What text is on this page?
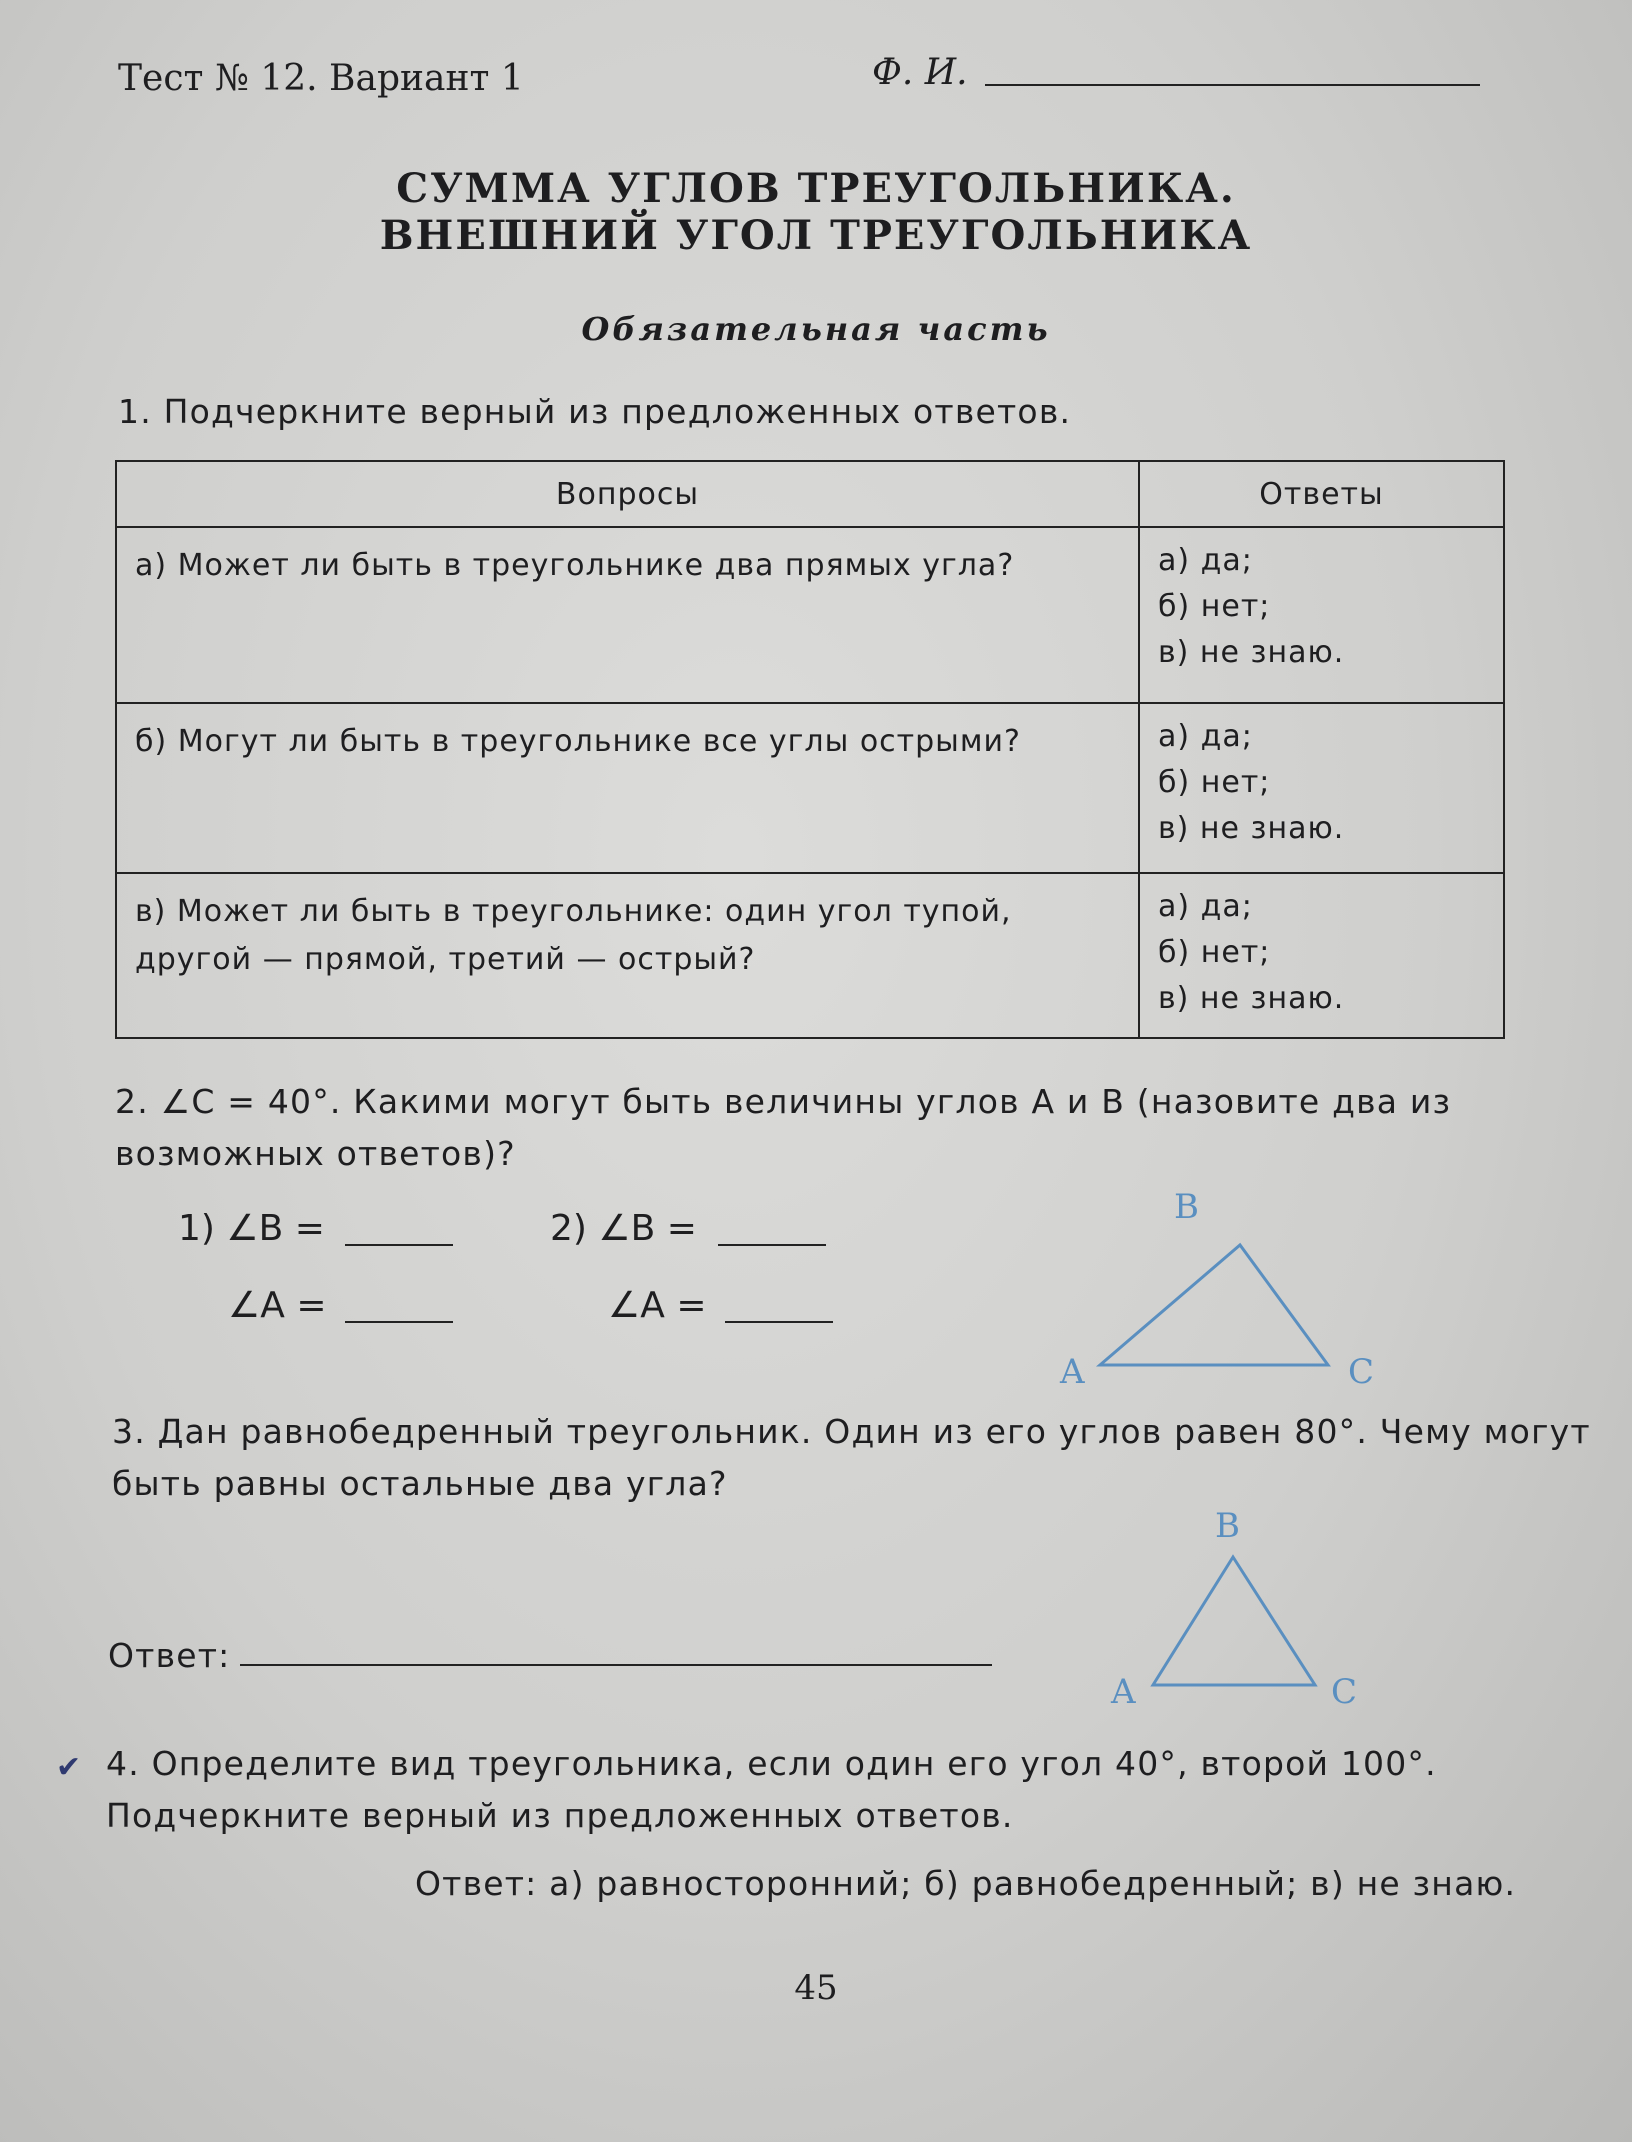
Тест № 12. Вариант 1	Ф. И.
СУММА УГЛОВ ТРЕУГОЛЬНИКА.
ВНЕШНИЙ УГОЛ ТРЕУГОЛЬНИКА
Обязательная часть
1. Подчеркните верный из предложенных ответов.
Вопросы	Ответы
а) Может ли быть в треугольнике два прямых угла?	а) да;
б) нет;
в) не знаю.

б) Могут ли быть в треугольнике все углы острыми?	а) да;
б) нет;
в) не знаю.

в) Может ли быть в треугольнике: один угол тупой, другой — прямой, третий — острый?	а) да;
б) нет;
в) не знаю.
2. ∠C = 40°. Какими могут быть величины углов A и B (назовите два из
возможных ответов)?
1) ∠B =
∠A =
2) ∠B =
∠A =
B
A	C
3. Дан равнобедренный треугольник. Один из его углов равен 80°. Чему могут
быть равны остальные два угла?
Ответ:
B
A	C
✔ 4. Определите вид треугольника, если один его угол 40°, второй 100°.
Подчеркните верный из предложенных ответов.
Ответ: а) равносторонний; б) равнобедренный; в) не знаю.
45
